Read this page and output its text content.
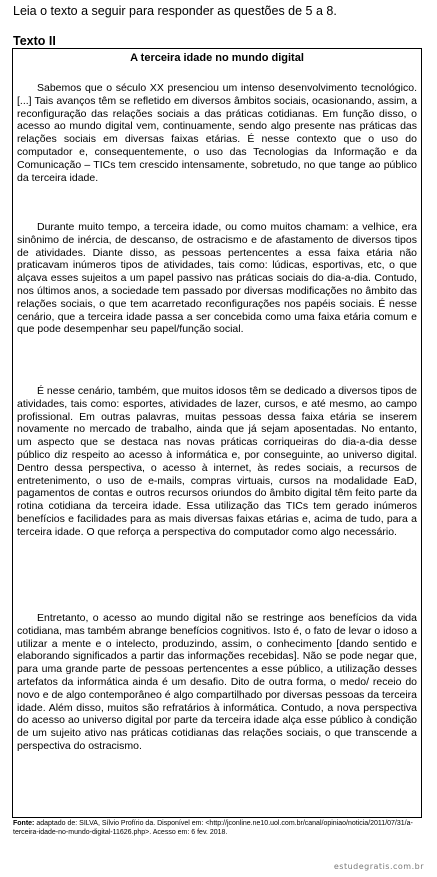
Leia o texto a seguir para responder as questões de 5 a 8.
Texto II
A terceira idade no mundo digital

Sabemos que o século XX presenciou um intenso desenvolvimento tecnológico. [...] Tais avanços têm se refletido em diversos âmbitos sociais, ocasionando, assim, a reconfiguração das relações sociais a das práticas cotidianas. Em função disso, o acesso ao mundo digital vem, continuamente, sendo algo presente nas práticas das relações sociais em diversas faixas etárias. É nesse contexto que o uso do computador e, consequentemente, o uso das Tecnologias da Informação e da Comunicação – TICs tem crescido intensamente, sobretudo, no que tange ao público da terceira idade.

Durante muito tempo, a terceira idade, ou como muitos chamam: a velhice, era sinônimo de inércia, de descanso, de ostracismo e de afastamento de diversos tipos de atividades. Diante disso, as pessoas pertencentes a essa faixa etária não praticavam inúmeros tipos de atividades, tais como: lúdicas, esportivas, etc, o que alçava esses sujeitos a um papel passivo nas práticas sociais do dia-a-dia. Contudo, nos últimos anos, a sociedade tem passado por diversas modificações no âmbito das relações sociais, o que tem acarretado reconfigurações nos papéis sociais. É nesse cenário, que a terceira idade passa a ser concebida como uma faixa etária comum e que pode desempenhar seu papel/função social.

É nesse cenário, também, que muitos idosos têm se dedicado a diversos tipos de atividades, tais como: esportes, atividades de lazer, cursos, e até mesmo, ao campo profissional. Em outras palavras, muitas pessoas dessa faixa etária se inserem novamente no mercado de trabalho, ainda que já sejam aposentadas. No entanto, um aspecto que se destaca nas novas práticas corriqueiras do dia-a-dia desse público diz respeito ao acesso à informática e, por conseguinte, ao universo digital. Dentro dessa perspectiva, o acesso à internet, às redes sociais, a recursos de entretenimento, o uso de e-mails, compras virtuais, cursos na modalidade EaD, pagamentos de contas e outros recursos oriundos do âmbito digital têm feito parte da rotina cotidiana da terceira idade. Essa utilização das TICs tem gerado inúmeros benefícios e facilidades para as mais diversas faixas etárias e, acima de tudo, para a terceira idade. O que reforça a perspectiva do computador como algo necessário.

Entretanto, o acesso ao mundo digital não se restringe aos benefícios da vida cotidiana, mas também abrange benefícios cognitivos. Isto é, o fato de levar o idoso a utilizar a mente e o intelecto, produzindo, assim, o conhecimento [dando sentido e elaborando significados a partir das informações recebidas]. Não se pode negar que, para uma grande parte de pessoas pertencentes a esse público, a utilização desses artefatos da informática ainda é um desafio. Dito de outra forma, o medo/ receio do novo e de algo contemporâneo é algo compartilhado por diversas pessoas da terceira idade. Além disso, muitos são refratários à informática. Contudo, a nova perspectiva do acesso ao universo digital por parte da terceira idade alça esse público à condição de um sujeito ativo nas práticas cotidianas das relações sociais, o que transcende a perspectiva do ostracismo.

Fonte: adaptado de: SILVA, Sílvio Profírio da. Disponível em: <http://jconline.ne10.uol.com.br/canal/opiniao/noticia/2011/07/31/a-terceira-idade-no-mundo-digital-11626.php>. Acesso em: 6 fev. 2018.
estudegratis.com.br
